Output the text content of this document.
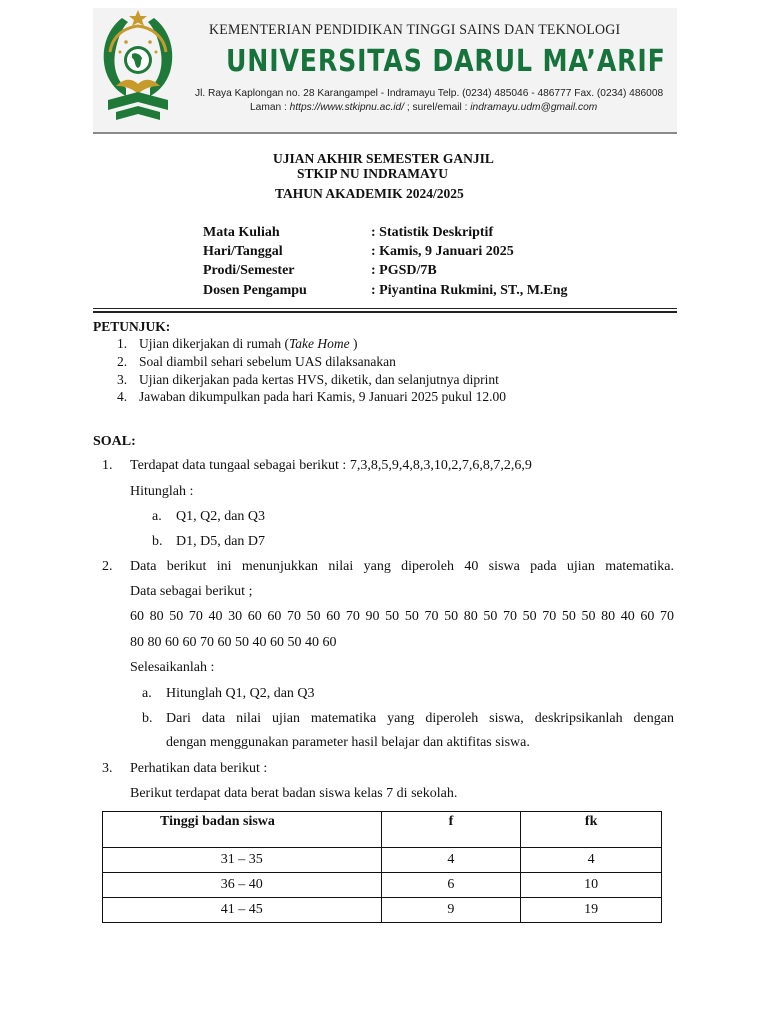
KEMENTERIAN PENDIDIKAN TINGGI SAINS DAN TEKNOLOGI
UNIVERSITAS DARUL MA’ARIF
Jl. Raya Kaplongan no. 28 Karangampel - Indramayu Telp. (0234) 485046 - 486777 Fax. (0234) 486008
Laman : https://www.stkipnu.ac.id/ ; surel/email : indramayu.udm@gmail.com
UJIAN AKHIR SEMESTER GANJIL
STKIP NU INDRAMAYU
TAHUN AKADEMIK 2024/2025
Mata Kuliah	: Statistik Deskriptif
Hari/Tanggal	: Kamis, 9 Januari 2025
Prodi/Semester	: PGSD/7B
Dosen Pengampu	: Piyantina Rukmini, ST., M.Eng
PETUNJUK:
1. Ujian dikerjakan di rumah (Take Home )
2. Soal diambil sehari sebelum UAS dilaksanakan
3. Ujian dikerjakan pada kertas HVS, diketik, dan selanjutnya diprint
4. Jawaban dikumpulkan pada hari Kamis, 9 Januari 2025 pukul 12.00
SOAL:
1. Terdapat data tungaal sebagai berikut : 7,3,8,5,9,4,8,3,10,2,7,6,8,7,2,6,9
Hitunglah :
a. Q1, Q2, dan Q3
b. D1, D5, dan D7
2. Data berikut ini menunjukkan nilai yang diperoleh 40 siswa pada ujian matematika.
Data sebagai berikut ;
60 80 50 70 40 30 60 60 70 50 60 70 90 50 50 70 50 80 50 70 50 70 50 50 80 40 60 70
80 80 60 60 70 60 50 40 60 50 40 60
Selesaikanlah :
a. Hitunglah Q1, Q2, dan Q3
b. Dari data nilai ujian matematika yang diperoleh siswa, deskripsikanlah dengan
dengan menggunakan parameter hasil belajar dan aktifitas siswa.
3. Perhatikan data berikut :
Berikut terdapat data berat badan siswa kelas 7 di sekolah.
Tinggi badan siswa	f	fk
31 – 35	4	4
36 – 40	6	10
41 – 45	9	19
